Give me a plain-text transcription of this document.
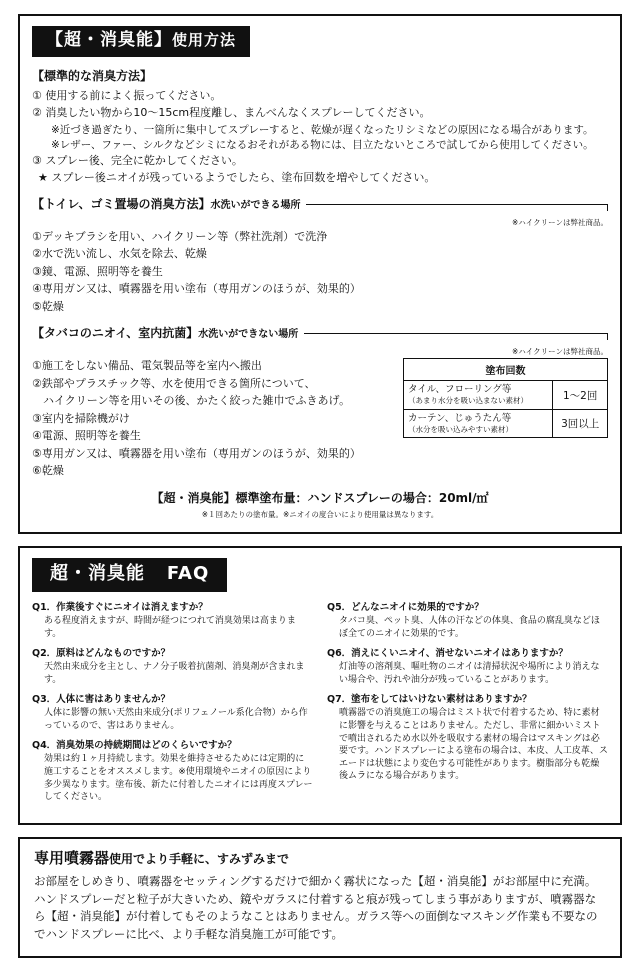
【超・消臭能】使用方法
【標準的な消臭方法】
① 使用する前によく振ってください。
② 消臭したい物から10〜15cm程度離し、まんべんなくスプレーしてください。
※近づき過ぎたり、一箇所に集中してスプレーすると、乾燥が遅くなったリシミなどの原因になる場合があります。
※レザー、ファー、シルクなどシミになるおそれがある物には、目立たないところで試してから使用してください。
③ スプレー後、完全に乾かしてください。
★ スプレー後ニオイが残っているようでしたら、塗布回数を増やしてください。
【トイレ、ゴミ置場の消臭方法】水洗いができる場所
※ハイクリーンは弊社商品。
①デッキブラシを用い、ハイクリーン等（弊社洗剤）で洗浄
②水で洗い流し、水気を除去、乾燥
③鏡、電源、照明等を養生
④専用ガン又は、噴霧器を用い塗布（専用ガンのほうが、効果的）
⑤乾燥
【タバコのニオイ、室内抗菌】水洗いができない場所
※ハイクリーンは弊社商品。
①施工をしない備品、電気製品等を室内へ搬出
②鉄部やプラスチック等、水を使用できる箇所について、
　ハイクリーン等を用いその後、かたく絞った雑巾でふきあげ。
③室内を掃除機がけ
④電源、照明等を養生
⑤専用ガン又は、噴霧器を用い塗布（専用ガンのほうが、効果的）
⑥乾燥
塗布回数	
タイル、フローリング等
（あまり水分を吸い込まない素材）	1〜2回
カーテン、じゅうたん等
（水分を吸い込みやすい素材）	3回以上
【超・消臭能】標準塗布量：ハンドスプレーの場合：20ml/㎡
※１回あたりの塗布量。※ニオイの度合いにより使用量は異なります。
超・消臭能 FAQ
Q1．作業後すぐにニオイは消えますか？
ある程度消えますが、時間が経つにつれて消臭効果は高まります。
Q2．原料はどんなものですか？
天然由来成分を主とし、ナノ分子吸着抗菌剤、消臭剤が含まれます。
Q3．人体に害はありませんか？
人体に影響の無い天然由来成分(ポリフェノール系化合物）から作っているので、害はありません。
Q4．消臭効果の持続期間はどのくらいですか？
効果は約１ヶ月持続します。効果を維持させるためには定期的に施工することをオススメします。※使用環境やニオイの原因により多少異なります。塗布後、新たに付着したニオイには再度スプレーしてください。
Q5．どんなニオイに効果的ですか？
タバコ臭、ペット臭、人体の汗などの体臭、食品の腐乱臭などほぼ全てのニオイに効果的です。
Q6．消えにくいニオイ、消せないニオイはありますか？
灯油等の溶剤臭、嘔吐物のニオイは清掃状況や場所により消えない場合や、汚れや油分が残っていることがあります。
Q7．塗布をしてはいけない素材はありますか？
噴霧器での消臭施工の場合はミスト状で付着するため、特に素材に影響を与えることはありません。ただし、非常に細かいミストで噴出されるため水以外を吸収する素材の場合はマスキングは必要です。ハンドスプレーによる塗布の場合は、本皮、人工皮革、スエードは状態により変色する可能性があります。樹脂部分も乾燥後ムラになる場合があります。
専用噴霧器使用でより手軽に、すみずみまで
お部屋をしめきり、噴霧器をセッティングするだけで細かく霧状になった【超・消臭能】がお部屋中に充満。ハンドスプレーだと粒子が大きいため、鏡やガラスに付着すると痕が残ってしまう事がありますが、噴霧器なら【超・消臭能】が付着してもそのようなことはありません。ガラス等への面倒なマスキング作業も不要なのでハンドスプレーに比べ、より手軽な消臭施工が可能です。
